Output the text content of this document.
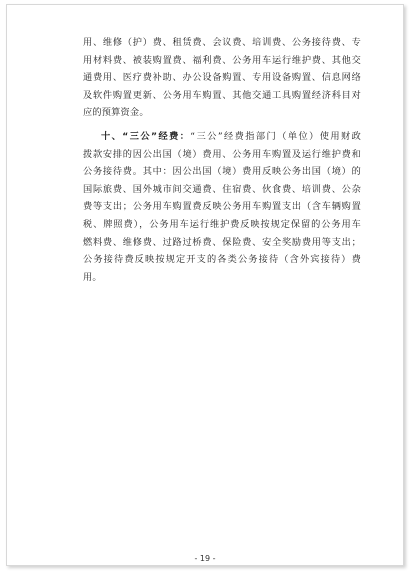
用、维修（护）费、租赁费、会议费、培训费、公务接待费、专
用材料费、被装购置费、福利费、公务用车运行维护费、其他交
通费用、医疗费补助、办公设备购置、专用设备购置、信息网络
及软件购置更新、公务用车购置、其他交通工具购置经济科目对
应的预算资金。
十、“三公”经费：“三公”经费指部门（单位）使用财政
拨款安排的因公出国（境）费用、公务用车购置及运行维护费和
公务接待费。其中：因公出国（境）费用反映公务出国（境）的
国际旅费、国外城市间交通费、住宿费、伙食费、培训费、公杂
费等支出；公务用车购置费反映公务用车购置支出（含车辆购置
税、牌照费），公务用车运行维护费反映按规定保留的公务用车
燃料费、维修费、过路过桥费、保险费、安全奖励费用等支出；
公务接待费反映按规定开支的各类公务接待（含外宾接待）费
用。
- 19 -
